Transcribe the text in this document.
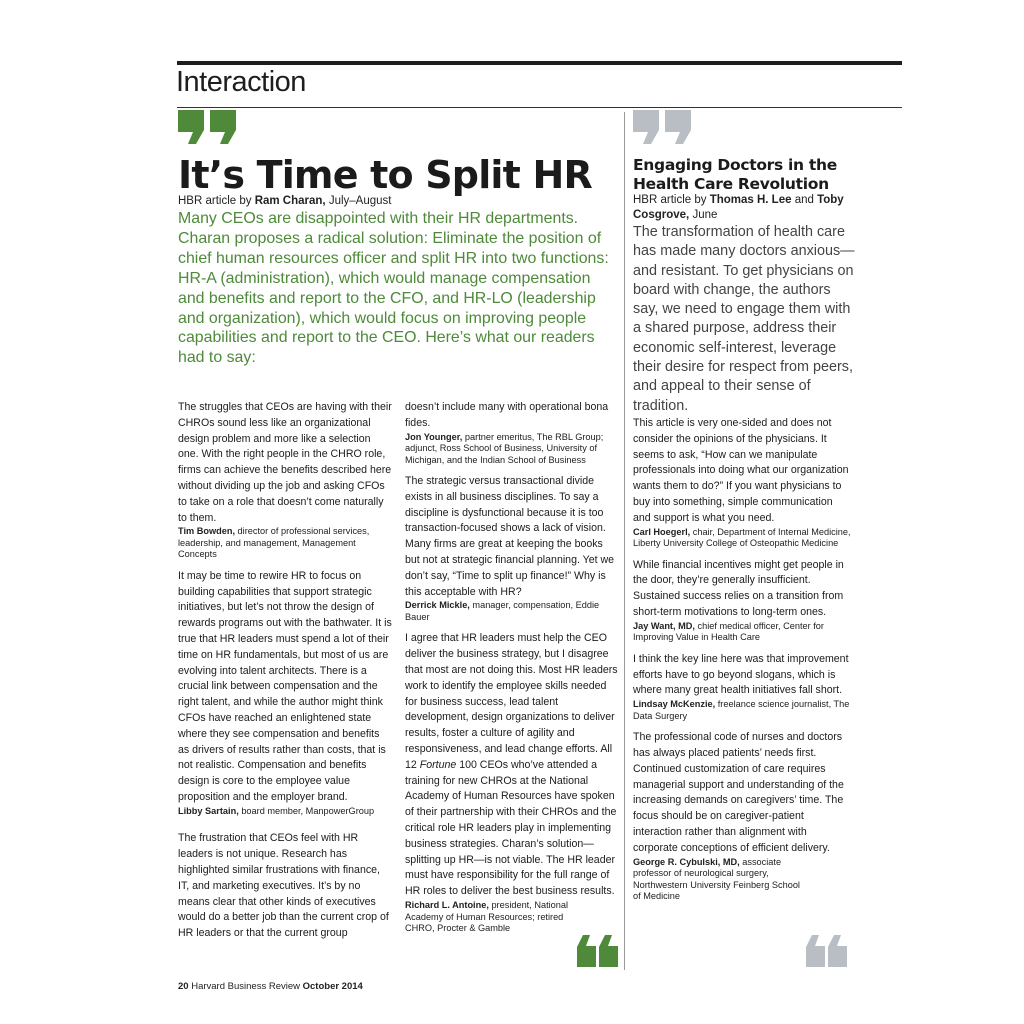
Interaction
It’s Time to Split HR
HBR article by Ram Charan, July–August
Many CEOs are disappointed with their HR departments. Charan proposes a radical solution: Eliminate the position of chief human resources officer and split HR into two functions: HR-A (administration), which would manage compensation and benefits and report to the CFO, and HR-LO (leadership and organization), which would focus on improving people capabilities and report to the CEO. Here’s what our readers had to say:
Engaging Doctors in the Health Care Revolution
HBR article by Thomas H. Lee and Toby Cosgrove, June
The transformation of health care has made many doctors anxious—and resistant. To get physicians on board with change, the authors say, we need to engage them with a shared purpose, address their economic self-interest, leverage their desire for respect from peers, and appeal to their sense of tradition.

The struggles that CEOs are having with their CHROs sound less like an organizational design problem and more like a selection one. With the right people in the CHRO role, firms can achieve the benefits described here without dividing up the job and asking CFOs to take on a role that doesn’t come naturally to them.

Tim Bowden, director of professional services, leadership, and management, Management Concepts

It may be time to rewire HR to focus on building capabilities that support strategic initiatives, but let’s not throw the design of rewards programs out with the bathwater. It is true that HR leaders must spend a lot of their time on HR fundamentals, but most of us are evolving into talent architects. There is a crucial link between compensation and the right talent, and while the author might think CFOs have reached an enlightened state where they see compensation and benefits as drivers of results rather than costs, that is not realistic. Compensation and benefits design is core to the employee value proposition and the employer brand.

Libby Sartain, board member, ManpowerGroup

The frustration that CEOs feel with HR leaders is not unique. Research has highlighted similar frustrations with finance, IT, and marketing executives. It’s by no means clear that other kinds of executives would do a better job than the current crop of HR leaders or that the current group

doesn’t include many with operational bona fides.

Jon Younger, partner emeritus, The RBL Group; adjunct, Ross School of Business, University of Michigan, and the Indian School of Business

The strategic versus transactional divide exists in all business disciplines. To say a discipline is dysfunctional because it is too transaction-focused shows a lack of vision. Many firms are great at keeping the books but not at strategic financial planning. Yet we don’t say, “Time to split up finance!” Why is this acceptable with HR?

Derrick Mickle, manager, compensation, Eddie Bauer

I agree that HR leaders must help the CEO deliver the business strategy, but I disagree that most are not doing this. Most HR leaders work to identify the employee skills needed for business success, lead talent development, design organizations to deliver results, foster a culture of agility and responsiveness, and lead change efforts. All 12 Fortune 100 CEOs who’ve attended a training for new CHROs at the National Academy of Human Resources have spoken of their partnership with their CHROs and the critical role HR leaders play in implementing business strategies. Charan’s solution—splitting up HR—is not viable. The HR leader must have responsibility for the full range of HR roles to deliver the best business results.

Richard L. Antoine, president, National Academy of Human Resources; retired CHRO, Procter & Gamble

This article is very one-sided and does not consider the opinions of the physicians. It seems to ask, “How can we manipulate professionals into doing what our organization wants them to do?” If you want physicians to buy into something, simple communication and support is what you need.

Carl Hoegerl, chair, Department of Internal Medicine, Liberty University College of Osteopathic Medicine

While financial incentives might get people in the door, they’re generally insufficient. Sustained success relies on a transition from short-term motivations to long-term ones.

Jay Want, MD, chief medical officer, Center for Improving Value in Health Care

I think the key line here was that improvement efforts have to go beyond slogans, which is where many great health initiatives fall short.

Lindsay McKenzie, freelance science journalist, The Data Surgery

The professional code of nurses and doctors has always placed patients’ needs first. Continued customization of care requires managerial support and understanding of the increasing demands on caregivers’ time. The focus should be on caregiver-patient interaction rather than alignment with corporate conceptions of efficient delivery.

George R. Cybulski, MD, associate professor of neurological surgery, Northwestern University Feinberg School of Medicine

20 Harvard Business Review October 2014
